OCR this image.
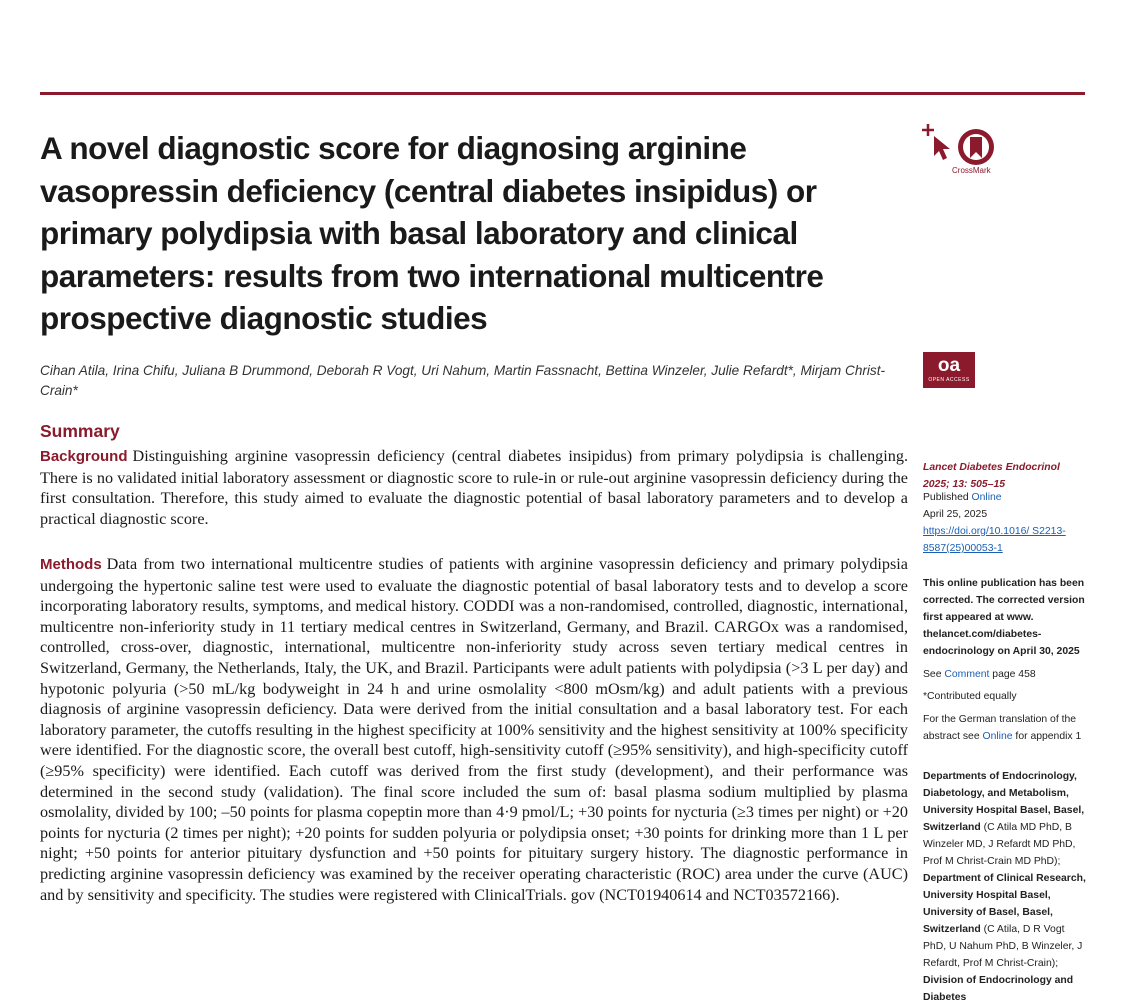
A novel diagnostic score for diagnosing arginine vasopressin deficiency (central diabetes insipidus) or primary polydipsia with basal laboratory and clinical parameters: results from two international multicentre prospective diagnostic studies
CrossMark

Cihan Atila, Irina Chifu, Juliana B Drummond, Deborah R Vogt, Uri Nahum, Martin Fassnacht, Bettina Winzeler, Julie Refardt*, Mirjam Christ-Crain*

oa
OPEN ACCESS
Summary

Background Distinguishing arginine vasopressin deficiency (central diabetes insipidus) from primary polydipsia is challenging. There is no validated initial laboratory assessment or diagnostic score to rule-in or rule-out arginine vasopressin deficiency during the first consultation. Therefore, this study aimed to evaluate the diagnostic potential of basal laboratory parameters and to develop a practical diagnostic score.

Methods Data from two international multicentre studies of patients with arginine vasopressin deficiency and primary polydipsia undergoing the hypertonic saline test were used to evaluate the diagnostic potential of basal laboratory tests and to develop a score incorporating laboratory results, symptoms, and medical history. CODDI was a non-randomised, controlled, diagnostic, international, multicentre non-inferiority study in 11 tertiary medical centres in Switzerland, Germany, and Brazil. CARGOx was a randomised, controlled, cross-over, diagnostic, international, multicentre non-inferiority study across seven tertiary medical centres in Switzerland, Germany, the Netherlands, Italy, the UK, and Brazil. Participants were adult patients with polydipsia (>3 L per day) and hypotonic polyuria (>50 mL/kg bodyweight in 24 h and urine osmolality <800 mOsm/kg) and adult patients with a previous diagnosis of arginine vasopressin deficiency. Data were derived from the initial consultation and a basal laboratory test. For each laboratory parameter, the cutoffs resulting in the highest specificity at 100% sensitivity and the highest sensitivity at 100% specificity were identified. For the diagnostic score, the overall best cutoff, high-sensitivity cutoff (≥95% sensitivity), and high-specificity cutoff (≥95% specificity) were identified. Each cutoff was derived from the first study (development), and their performance was determined in the second study (validation). The final score included the sum of: basal plasma sodium multiplied by plasma osmolality, divided by 100; –50 points for plasma copeptin more than 4·9 pmol/L; +30 points for nycturia (≥3 times per night) or +20 points for nycturia (2 times per night); +20 points for sudden polyuria or polydipsia onset; +30 points for drinking more than 1 L per night; +50 points for anterior pituitary dysfunction and +50 points for pituitary surgery history. The diagnostic performance in predicting arginine vasopressin deficiency was examined by the receiver operating characteristic (ROC) area under the curve (AUC) and by sensitivity and specificity. The studies were registered with ClinicalTrials. gov (NCT01940614 and NCT03572166).

Lancet Diabetes Endocrinol 2025; 13: 505–15

Published Online

April 25, 2025

https://doi.org/10.1016/ S2213-8587(25)00053-1

This online publication has been corrected. The corrected version first appeared at www. thelancet.com/diabetes-endocrinology on April 30, 2025

See Comment page 458

*Contributed equally

For the German translation of the abstract see Online for appendix 1

Departments of Endocrinology, Diabetology, and Metabolism, University Hospital Basel, Basel, Switzerland (C Atila MD PhD, B Winzeler MD, J Refardt MD PhD, Prof M Christ-Crain MD PhD); Department of Clinical Research, University Hospital Basel, University of Basel, Basel, Switzerland (C Atila, D R Vogt PhD, U Nahum PhD, B Winzeler, J Refardt, Prof M Christ-Crain); Division of Endocrinology and Diabetes
